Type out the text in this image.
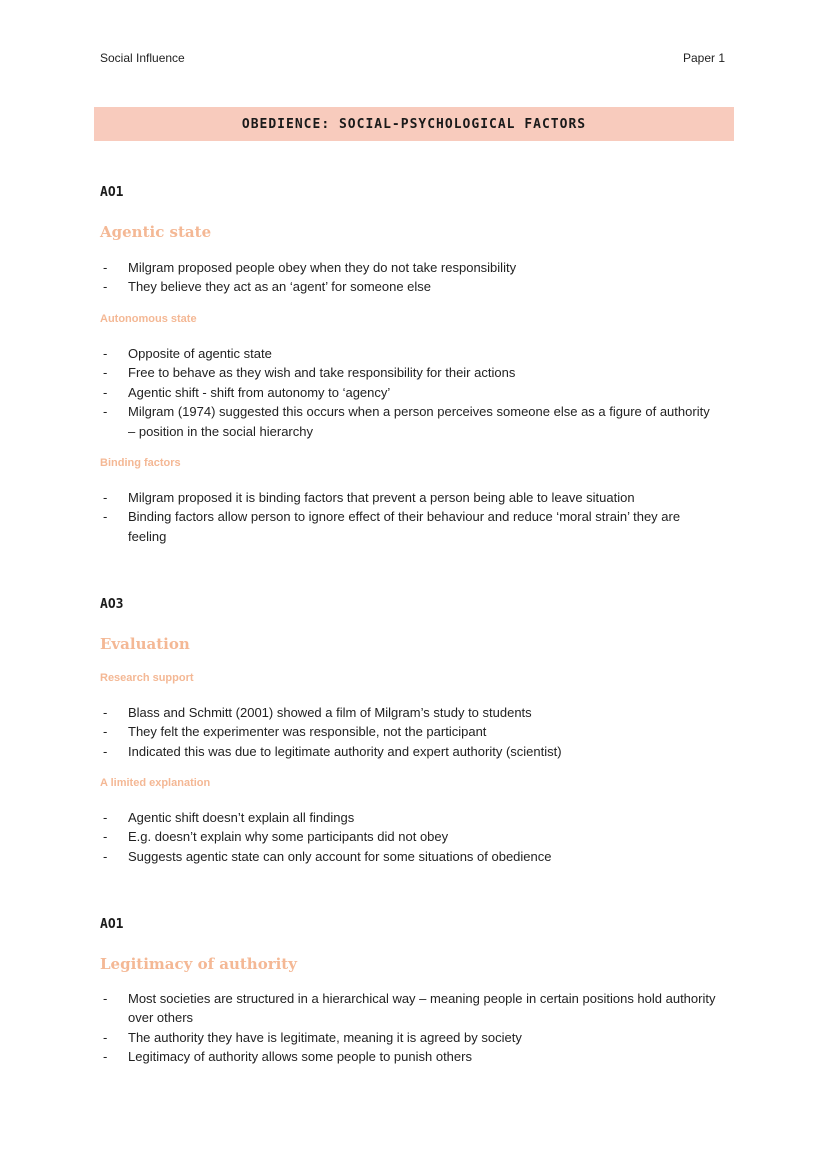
Social Influence	Paper 1
OBEDIENCE: SOCIAL-PSYCHOLOGICAL FACTORS
AO1
Agentic state
- Milgram proposed people obey when they do not take responsibility
- They believe they act as an ‘agent’ for someone else
Autonomous state
- Opposite of agentic state
- Free to behave as they wish and take responsibility for their actions
- Agentic shift - shift from autonomy to ‘agency’
- Milgram (1974) suggested this occurs when a person perceives someone else as a figure of authority – position in the social hierarchy
Binding factors
- Milgram proposed it is binding factors that prevent a person being able to leave situation
- Binding factors allow person to ignore effect of their behaviour and reduce ‘moral strain’ they are feeling
AO3
Evaluation
Research support
- Blass and Schmitt (2001) showed a film of Milgram’s study to students
- They felt the experimenter was responsible, not the participant
- Indicated this was due to legitimate authority and expert authority (scientist)
A limited explanation
- Agentic shift doesn’t explain all findings
- E.g. doesn’t explain why some participants did not obey
- Suggests agentic state can only account for some situations of obedience
AO1
Legitimacy of authority
- Most societies are structured in a hierarchical way – meaning people in certain positions hold authority over others
- The authority they have is legitimate, meaning it is agreed by society
- Legitimacy of authority allows some people to punish others
